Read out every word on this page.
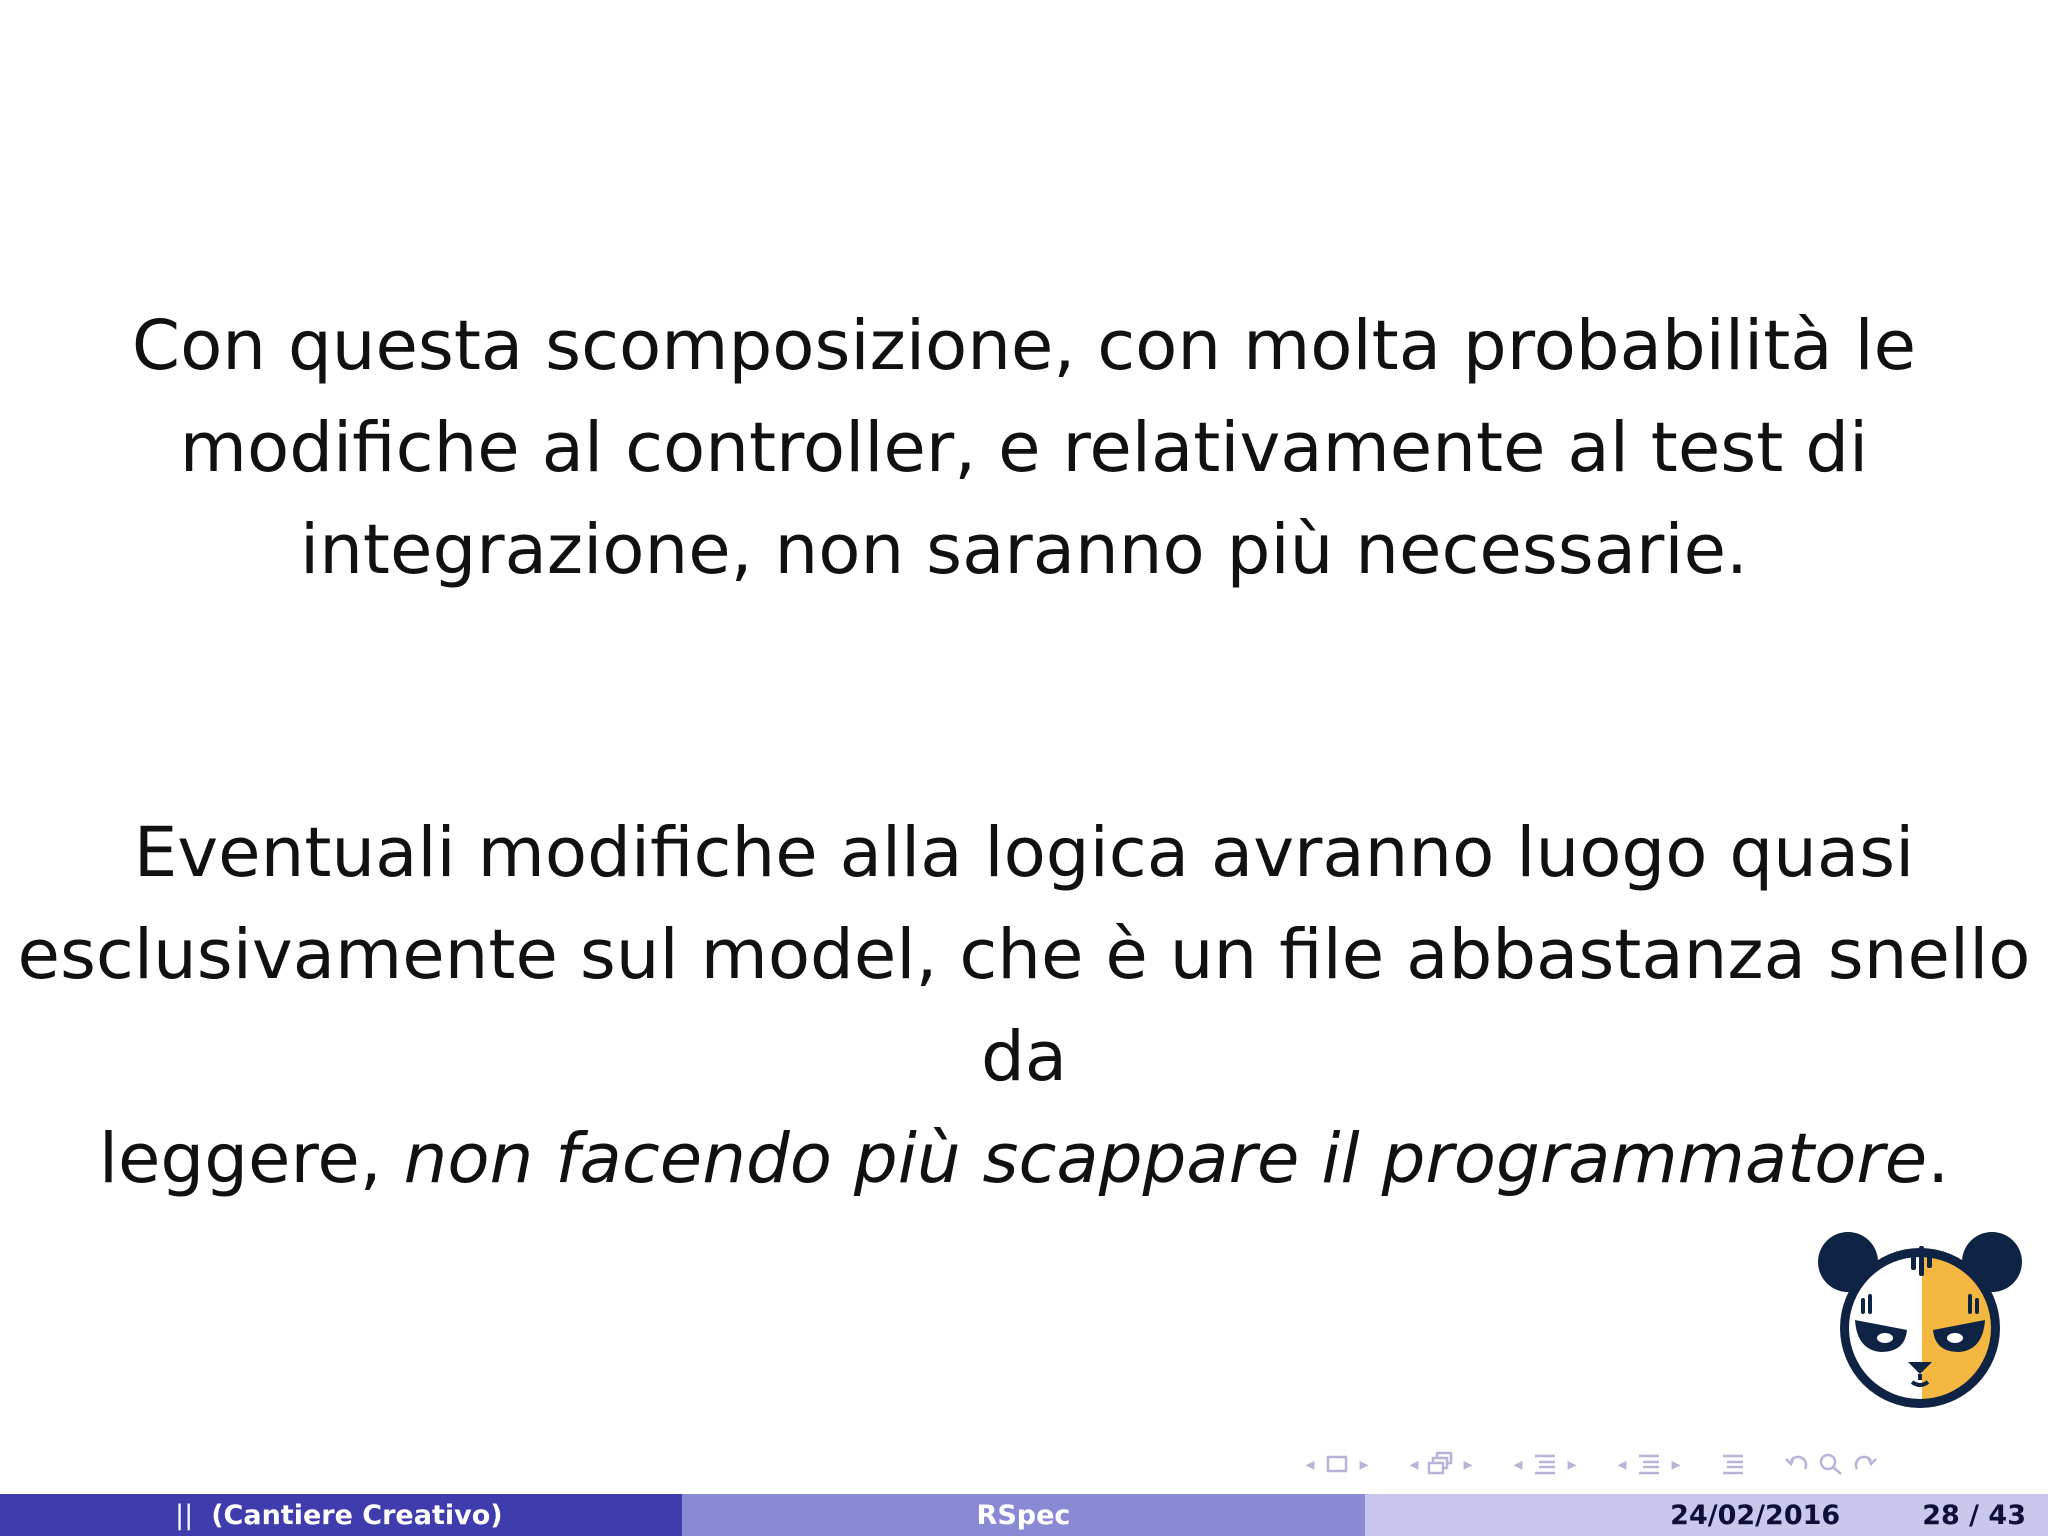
Con questa scomposizione, con molta probabilità le
modifiche al controller, e relativamente al test di
integrazione, non saranno più necessarie.
Eventuali modifiche alla logica avranno luogo quasi
esclusivamente sul model, che è un file abbastanza snello da
leggere, non facendo più scappare il programmatore.
◂	▸	◂	▸	◂	▸	◂	▸
|| (Cantiere Creativo)	RSpec	24/02/2016	28 / 43
